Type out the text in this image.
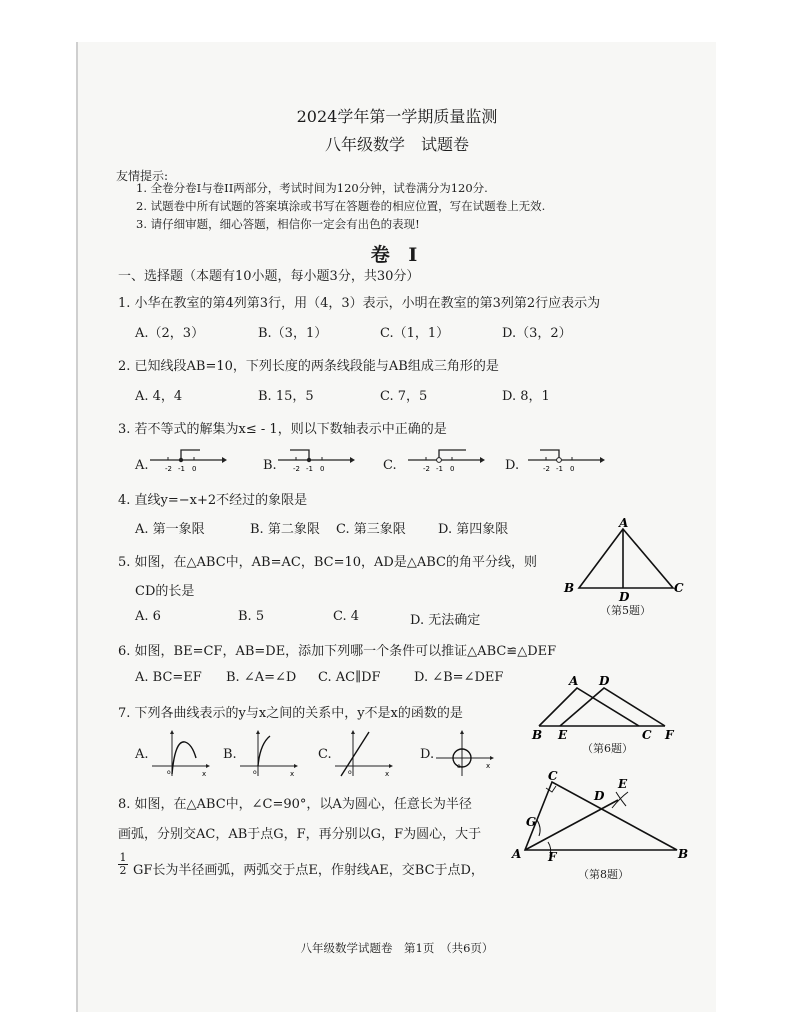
2024学年第一学期质量监测
八年级数学　试题卷
友情提示:
1. 全卷分卷I与卷II两部分，考试时间为120分钟，试卷满分为120分.
2. 试题卷中所有试题的答案填涂或书写在答题卷的相应位置，写在试题卷上无效.
3. 请仔细审题，细心答题，相信你一定会有出色的表现!
卷 I
一、选择题（本题有10小题，每小题3分，共30分）
1. 小华在教室的第4列第3行，用（4，3）表示，小明在教室的第3列第2行应表示为
A.（2，3）	B.（3，1）	C.（1，1）	D.（3，2）
2. 已知线段AB=10，下列长度的两条线段能与AB组成三角形的是
A. 4，4	B. 15，5	C. 7，5	D. 8，1
3. 若不等式的解集为x≤ - 1，则以下数轴表示中正确的是
A.	B.	C.	D.
-2 -1 0	-2 -1 0	-2 -1 0	-2 -1 0
4. 直线y=−x+2不经过的象限是
A. 第一象限	B. 第二象限 C. 第三象限 D. 第四象限
5. 如图，在△ABC中，AB=AC，BC=10，AD是△ABC的角平分线，则
CD的长是
A. 6	B. 5	C. 4	D. 无法确定
A
B
D
C
（第5题）
6. 如图，BE=CF，AB=DE，添加下列哪一个条件可以推证△ABC≌△DEF
A. BC=EF B. ∠A=∠D C. AC∥DF	D. ∠B=∠DEF	A D
B E	C F
（第6题）
7. 下列各曲线表示的y与x之间的关系中，y不是x的函数的是
A.	B.	C.	D.
o	x	o	x	o	x
o	x
8. 如图，在△ABC中，∠C=90°，以A为圆心，任意长为半径
画弧，分别交AC，AB于点G，F，再分别以G，F为圆心，大于
$\frac{1}{2}$ GF长为半径画弧，两弧交于点E，作射线AE，交BC于点D，
C
E
D
G
A F	B
（第8题）
八年级数学试题卷　第1页　（共6页）
